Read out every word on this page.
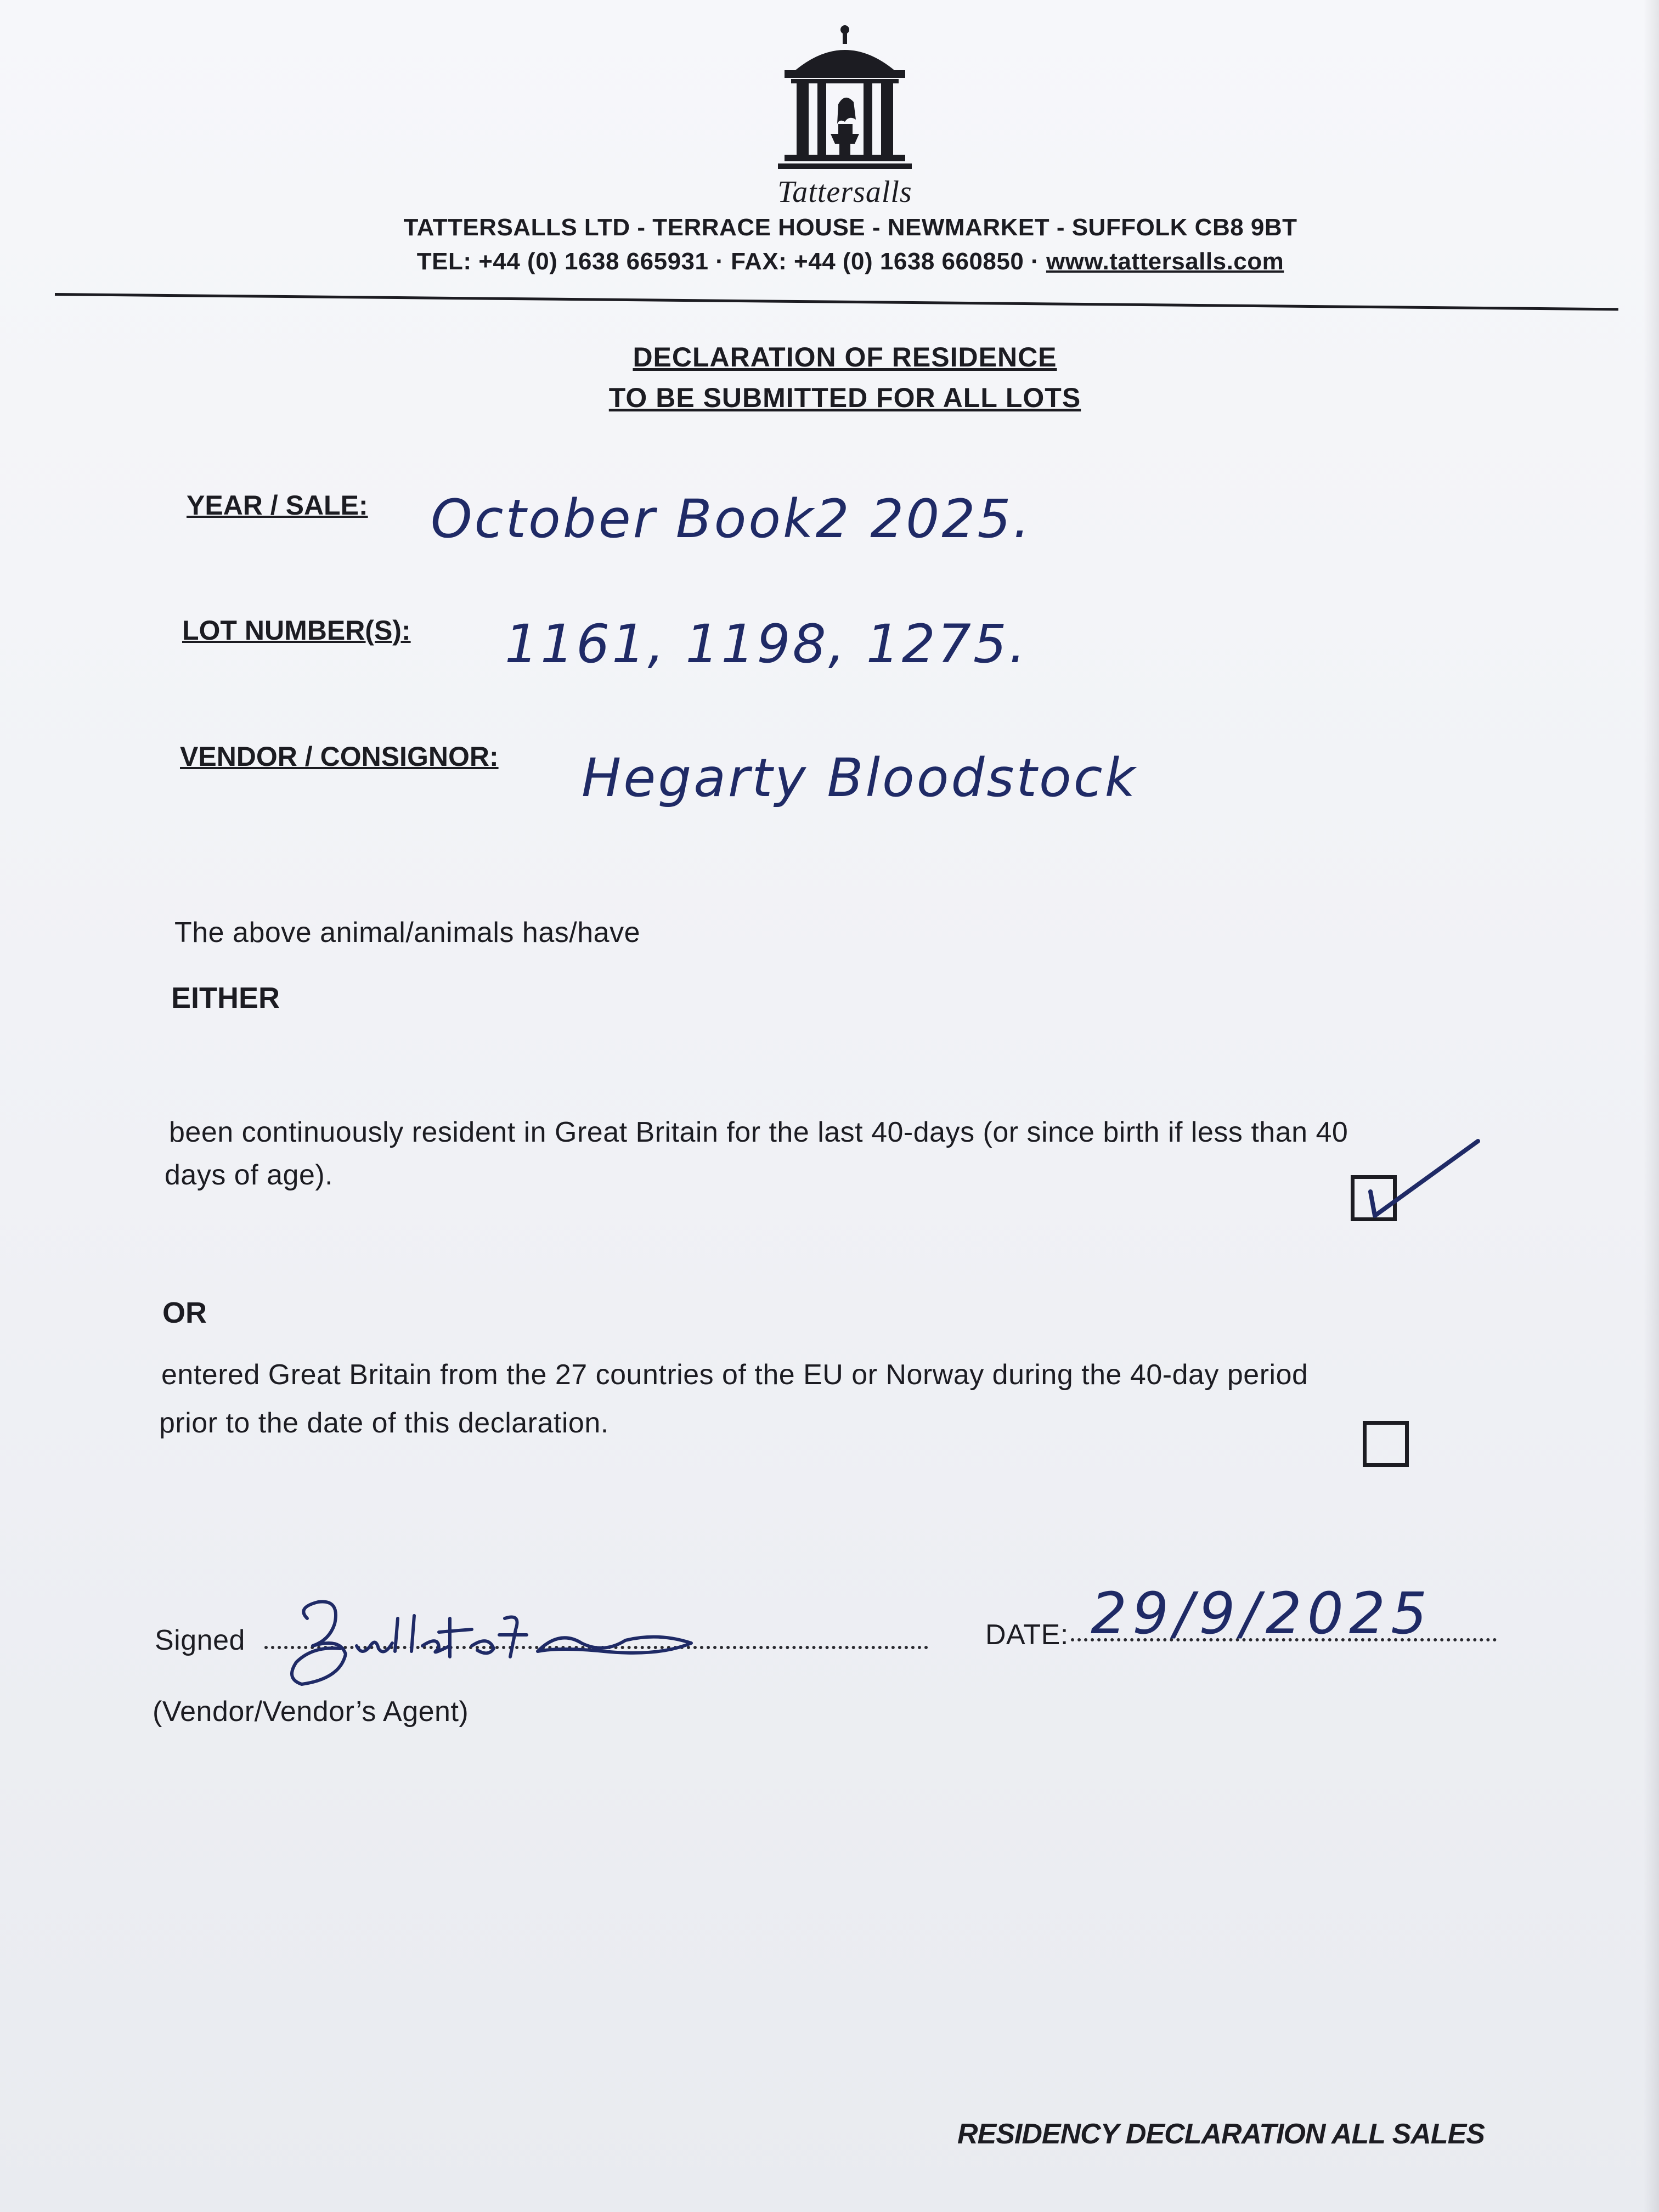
Tattersalls
TATTERSALLS LTD - TERRACE HOUSE - NEWMARKET - SUFFOLK CB8 9BT
TEL: +44 (0) 1638 665931 · FAX: +44 (0) 1638 660850 · www.tattersalls.com
DECLARATION OF RESIDENCE
TO BE SUBMITTED FOR ALL LOTS
YEAR / SALE: October Book2 2025.
LOT NUMBER(S): 1161, 1198, 1275.
VENDOR / CONSIGNOR: Hegarty Bloodstock
The above animal/animals has/have
EITHER
been continuously resident in Great Britain for the last 40-days (or since birth if less than 40
days of age).
OR
entered Great Britain from the 27 countries of the EU or Norway during the 40-day period
prior to the date of this declaration.
Signed	DATE: 29/9/2025
(Vendor/Vendor’s Agent)
RESIDENCY DECLARATION ALL SALES
